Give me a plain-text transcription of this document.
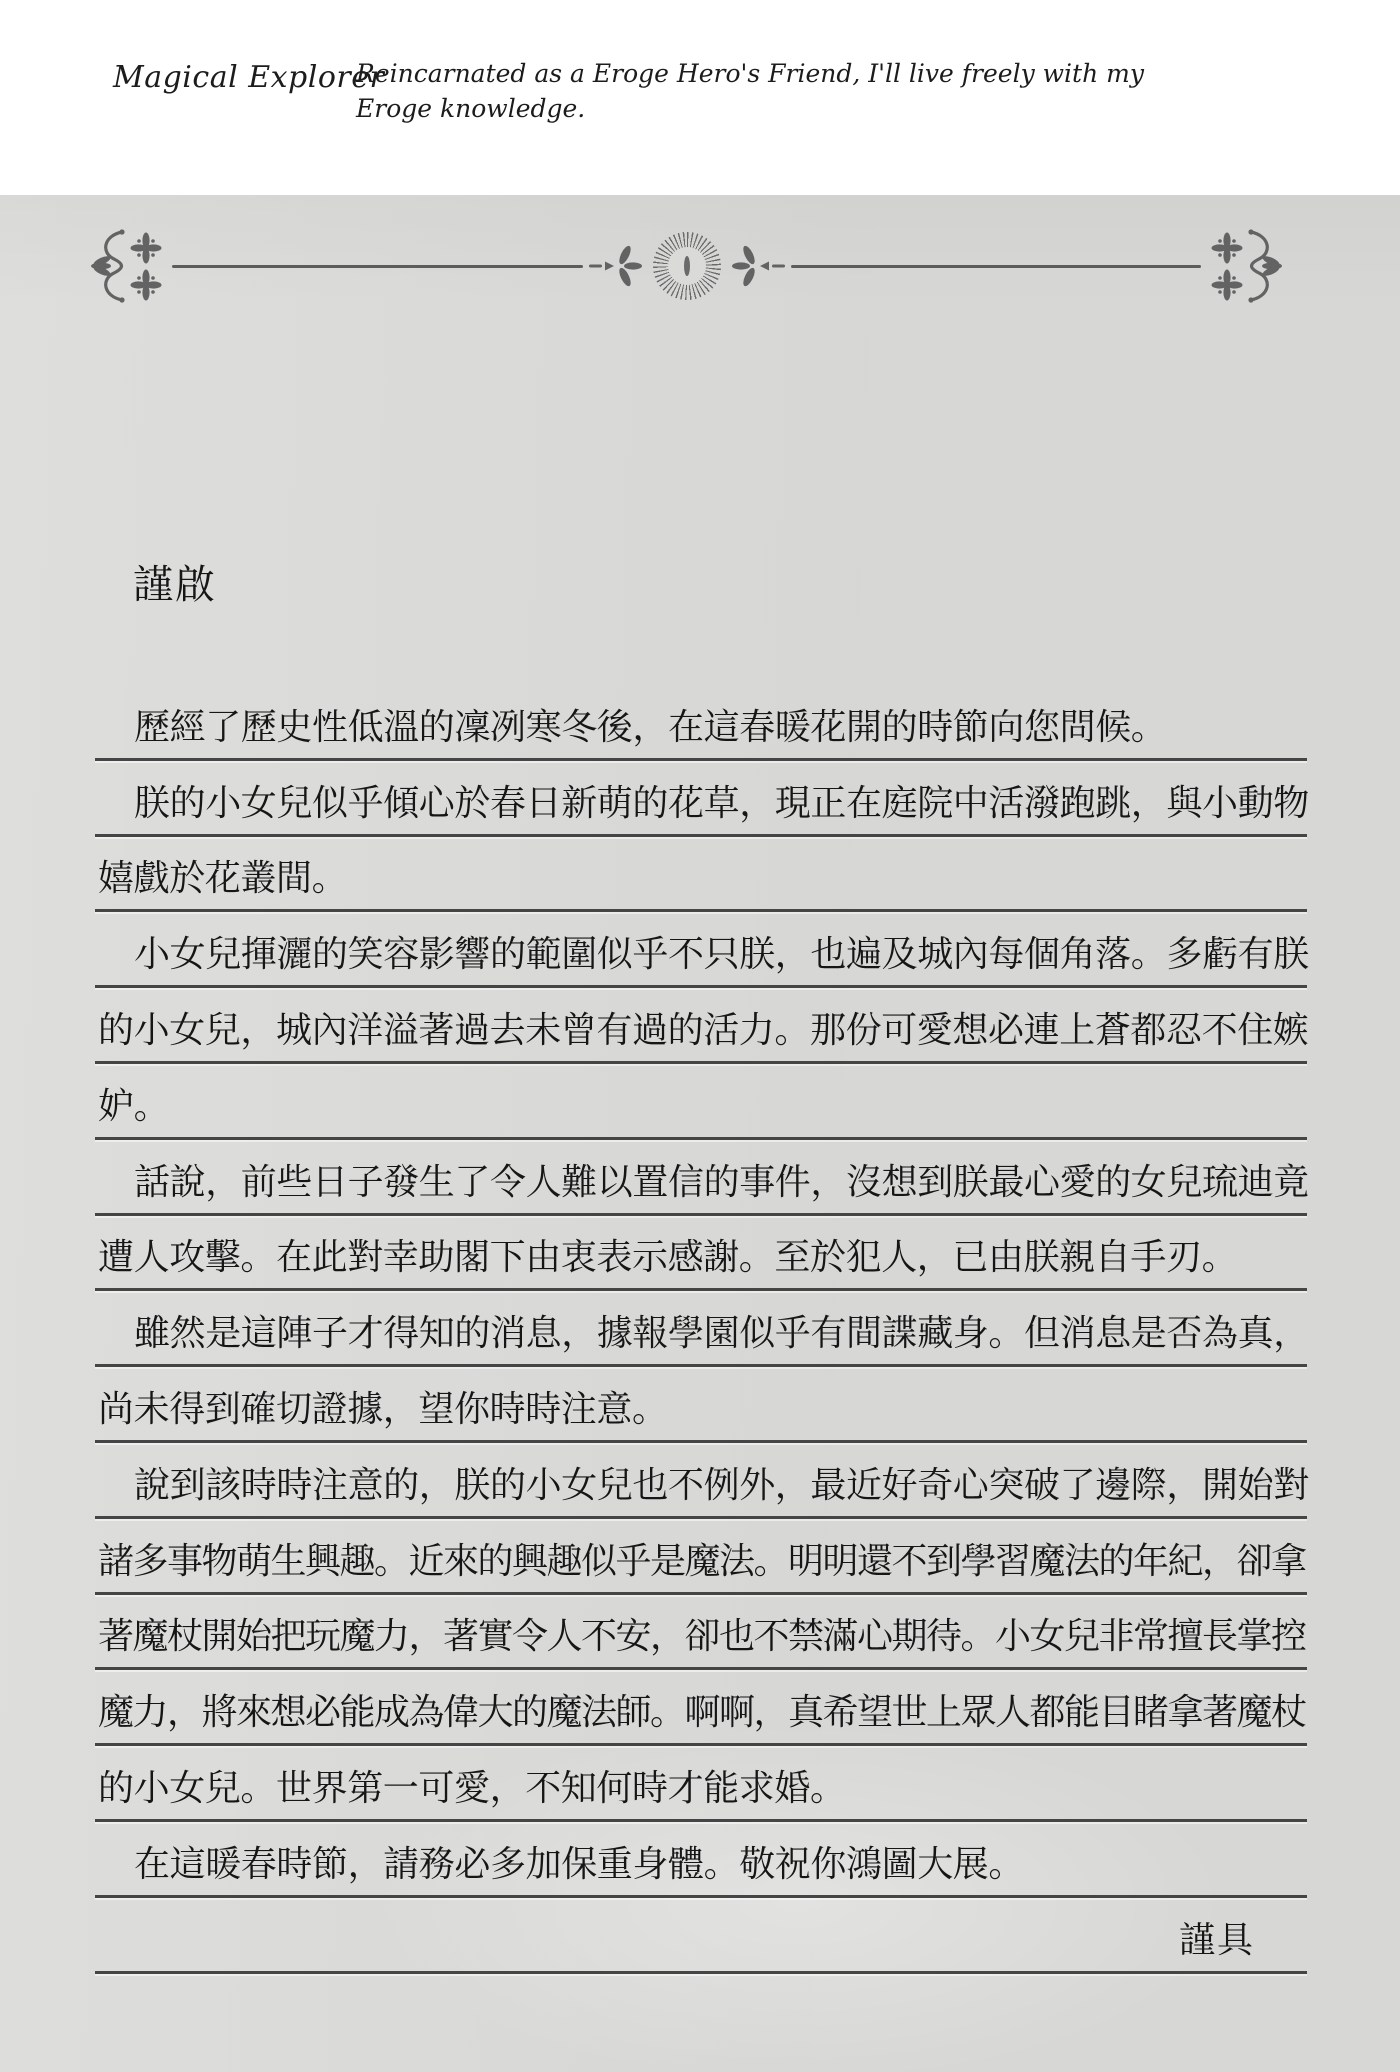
Magical Explorer
Reincarnated as a Eroge Hero's Friend, I'll live freely with my
Eroge knowledge.
謹啟
歷經了歷史性低溫的凜冽寒冬後，在這春暖花開的時節向您問候。
朕的小女兒似乎傾心於春日新萌的花草，現正在庭院中活潑跑跳，與小動物
嬉戲於花叢間。
小女兒揮灑的笑容影響的範圍似乎不只朕，也遍及城內每個角落。多虧有朕
的小女兒，城內洋溢著過去未曾有過的活力。那份可愛想必連上蒼都忍不住嫉
妒。
話說，前些日子發生了令人難以置信的事件，沒想到朕最心愛的女兒琉迪竟
遭人攻擊。在此對幸助閣下由衷表示感謝。至於犯人，已由朕親自手刃。
雖然是這陣子才得知的消息，據報學園似乎有間諜藏身。但消息是否為真，
尚未得到確切證據，望你時時注意。
說到該時時注意的，朕的小女兒也不例外，最近好奇心突破了邊際，開始對
諸多事物萌生興趣。近來的興趣似乎是魔法。明明還不到學習魔法的年紀，卻拿
著魔杖開始把玩魔力，著實令人不安，卻也不禁滿心期待。小女兒非常擅長掌控
魔力，將來想必能成為偉大的魔法師。啊啊，真希望世上眾人都能目睹拿著魔杖
的小女兒。世界第一可愛，不知何時才能求婚。
在這暖春時節，請務必多加保重身體。敬祝你鴻圖大展。
謹具
